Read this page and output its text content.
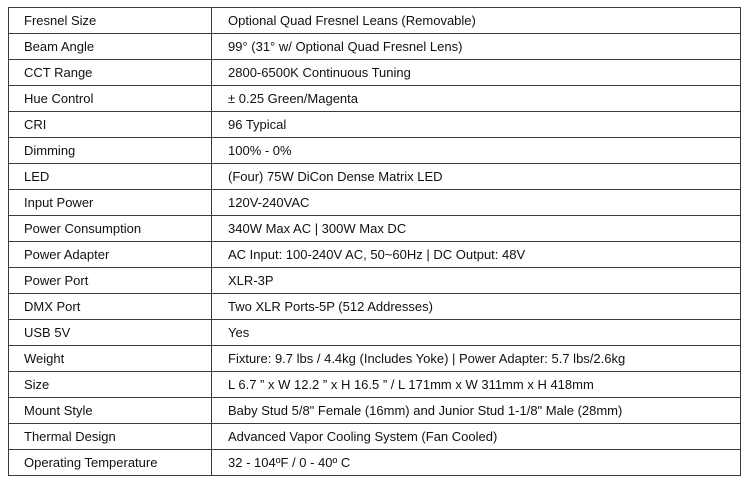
Fresnel Size	Optional Quad Fresnel Leans (Removable)
Beam Angle	99° (31° w/ Optional Quad Fresnel Lens)
CCT Range	2800-6500K Continuous Tuning
Hue Control	± 0.25 Green/Magenta
CRI	96 Typical
Dimming	100% - 0%
LED	(Four) 75W DiCon Dense Matrix LED
Input Power	120V-240VAC
Power Consumption	340W Max AC | 300W Max DC
Power Adapter	AC Input: 100-240V AC, 50~60Hz | DC Output: 48V
Power Port	XLR-3P
DMX Port	Two XLR Ports-5P (512 Addresses)
USB 5V	Yes
Weight	Fixture: 9.7 lbs / 4.4kg (Includes Yoke) | Power Adapter: 5.7 lbs/2.6kg
Size	L 6.7 ” x W 12.2 ” x H 16.5 ” / L 171mm x W 311mm x H 418mm
Mount Style	Baby Stud 5/8" Female (16mm) and Junior Stud 1-1/8" Male (28mm)
Thermal Design	Advanced Vapor Cooling System (Fan Cooled)
Operating Temperature	32 - 104ºF / 0 - 40º C
